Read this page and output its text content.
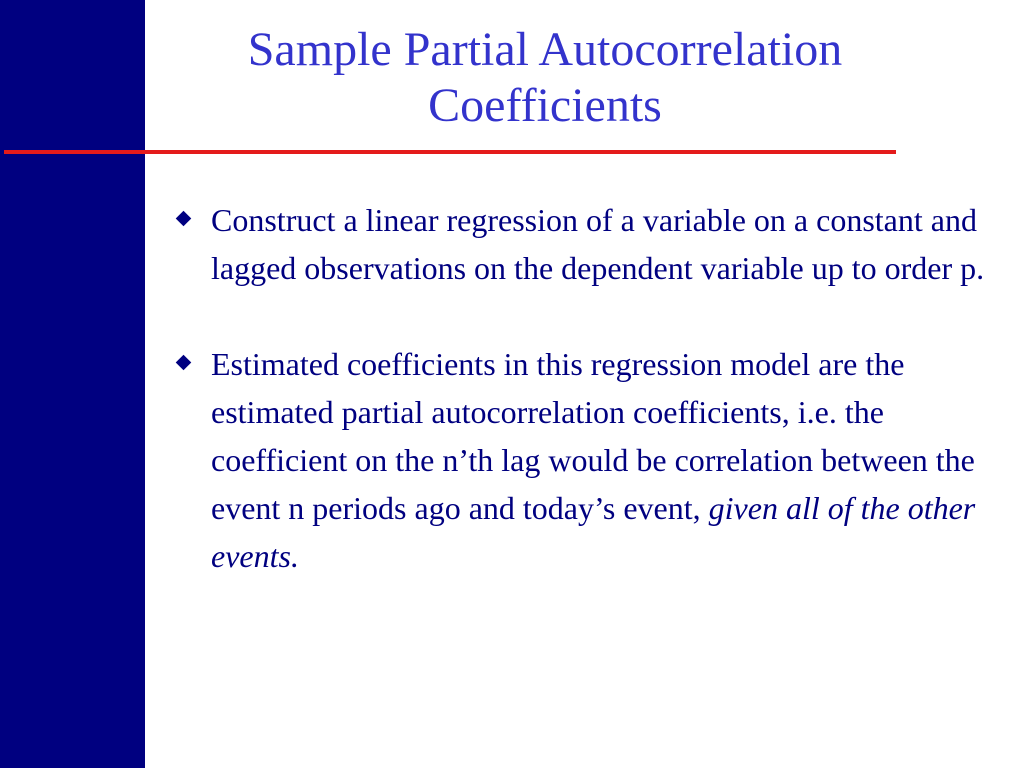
Sample Partial Autocorrelation
Coefficients
Construct a linear regression of a variable on a constant and lagged observations on the dependent variable up to order p.
Estimated coefficients in this regression model are the estimated partial autocorrelation coefficients, i.e. the coefficient on the n’th lag would be correlation between the event n periods ago and today’s event, given all of the other events.
